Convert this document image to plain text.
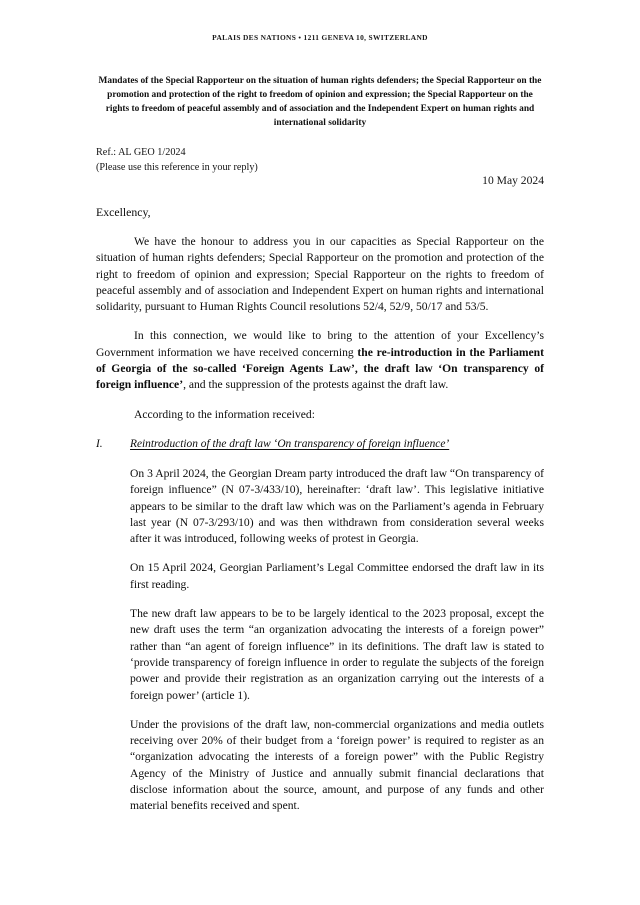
PALAIS DES NATIONS • 1211 GENEVA 10, SWITZERLAND
Mandates of the Special Rapporteur on the situation of human rights defenders; the Special Rapporteur on the promotion and protection of the right to freedom of opinion and expression; the Special Rapporteur on the rights to freedom of peaceful assembly and of association and the Independent Expert on human rights and international solidarity
Ref.: AL GEO 1/2024
(Please use this reference in your reply)
10 May 2024

Excellency,

We have the honour to address you in our capacities as Special Rapporteur on the situation of human rights defenders; Special Rapporteur on the promotion and protection of the right to freedom of opinion and expression; Special Rapporteur on the rights to freedom of peaceful assembly and of association and Independent Expert on human rights and international solidarity, pursuant to Human Rights Council resolutions 52/4, 52/9, 50/17 and 53/5.

In this connection, we would like to bring to the attention of your Excellency’s Government information we have received concerning the re-introduction in the Parliament of Georgia of the so-called ‘Foreign Agents Law’, the draft law ‘On transparency of foreign influence’, and the suppression of the protests against the draft law.

According to the information received:

I.	Reintroduction of the draft law ‘On transparency of foreign influence’

On 3 April 2024, the Georgian Dream party introduced the draft law “On transparency of foreign influence” (N 07-3/433/10), hereinafter: ‘draft law’. This legislative initiative appears to be similar to the draft law which was on the Parliament’s agenda in February last year (N 07-3/293/10) and was then withdrawn from consideration several weeks after it was introduced, following weeks of protest in Georgia.

On 15 April 2024, Georgian Parliament’s Legal Committee endorsed the draft law in its first reading.

The new draft law appears to be to be largely identical to the 2023 proposal, except the new draft uses the term “an organization advocating the interests of a foreign power” rather than “an agent of foreign influence” in its definitions. The draft law is stated to ‘provide transparency of foreign influence in order to regulate the subjects of the foreign power and provide their registration as an organization carrying out the interests of a foreign power’ (article 1).

Under the provisions of the draft law, non-commercial organizations and media outlets receiving over 20% of their budget from a ‘foreign power’ is required to register as an “organization advocating the interests of a foreign power” with the Public Registry Agency of the Ministry of Justice and annually submit financial declarations that disclose information about the source, amount, and purpose of any funds and other material benefits received and spent.
